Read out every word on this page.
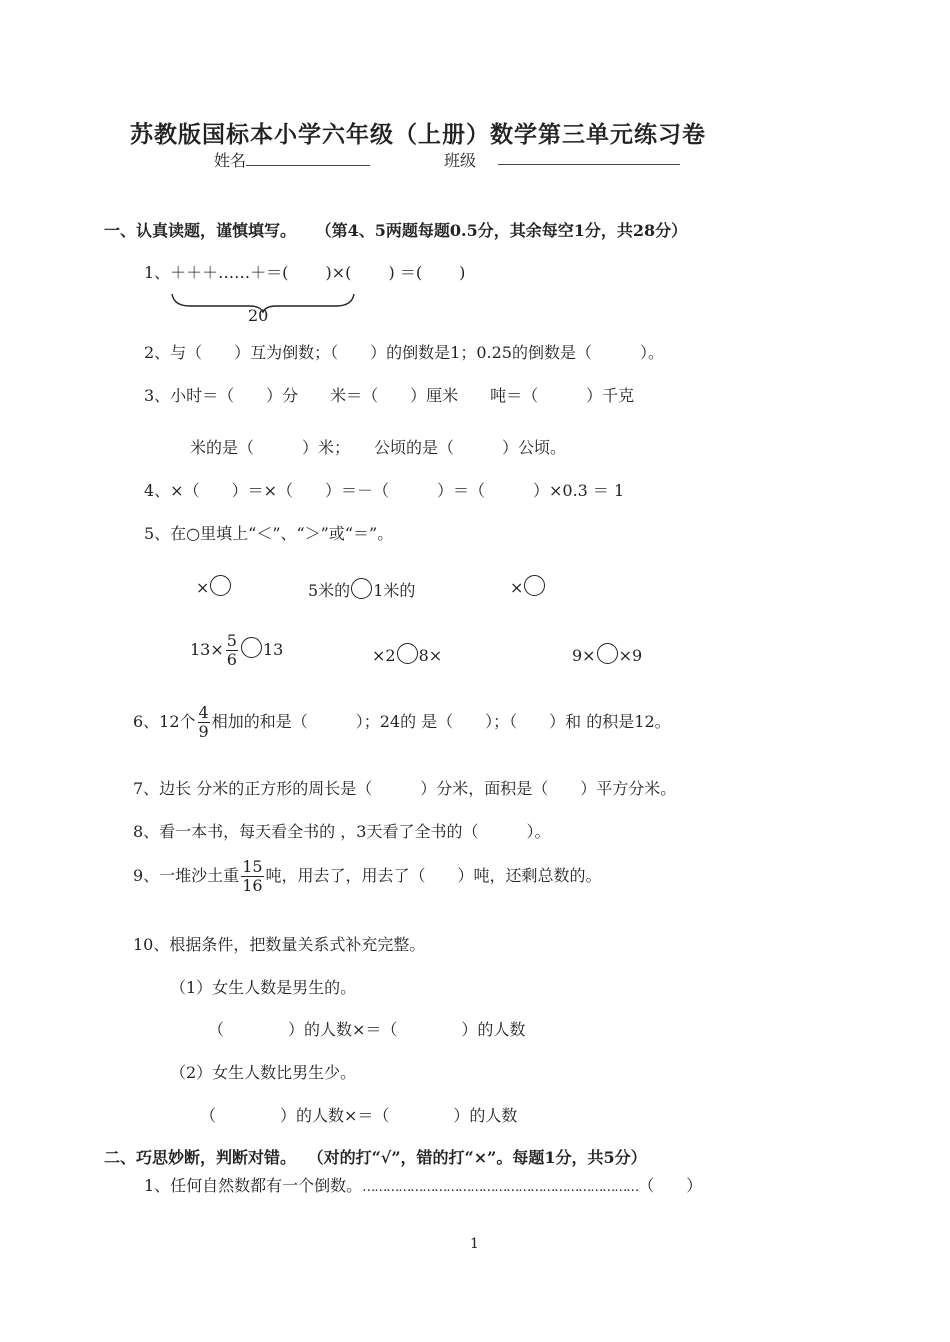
苏教版国标本小学六年级（上册）数学第三单元练习卷
姓名	班级
一、认真读题，谨慎填写。 （第4、5两题每题0.5分，其余每空1分，共28分）
1、＋＋＋……＋＝(　　 )×(　　 ) ＝(　　 )
20
2、与（　　）互为倒数；（　　）的倒数是1；0.25的倒数是（　　　）。
3、小时＝（　　）分　　米＝（　　）厘米　　吨＝（　　　）千克
米的是（　　　）米；　　公顷的是（　　　）公顷。
4、×（　　）＝×（　　）＝－（　　　）＝（　　　）×0.3 ＝ 1
5、在○里填上“＜”、“＞”或“＝”。
×	5米的 1米的	×
$13\times \frac{5}{6} 13$	×2 8×	9× ×9
6、12个 $\frac{4}{9}$ 相加的和是（　　　）；24的 是（　　）；（　　）和 的积是12。
7、边长 分米的正方形的周长是（　　　）分米，面积是（　　）平方分米。
8、看一本书，每天看全书的 ，3天看了全书的（　　　）。
9、一堆沙土重 $\frac{15}{16}$ 吨，用去了，用去了（　　）吨，还剩总数的。
10、根据条件，把数量关系式补充完整。
（1）女生人数是男生的。
（　　　　）的人数×＝（　　　　）的人数
（2）女生人数比男生少。
（　　　　）的人数×＝（　　　　）的人数
二、巧思妙断，判断对错。 （对的打“√”，错的打“×”。每题1分，共5分）
1、任何自然数都有一个倒数。……………………………………………………………（　　）
1
